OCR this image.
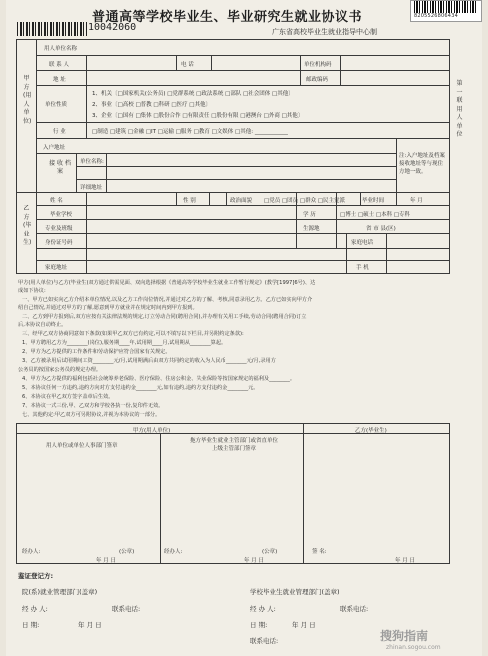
8205526806434
普通高等学校毕业生、毕业研究生就业协议书
10042060	广东省高校毕业生就业指导中心制
甲方(用人单位)
用人单位名称
联 系 人	电 话	单位机构码
地 址	邮政编码
单位性质
1、机关〔□国家机关(公务员) □党群系统 □政法系统 □部队 □社会团体 □其他〕
2、事业〔□高校 □普教 □科研 □医疗 □其他〕
3、企业〔□国有 □集体 □股份合作 □有限责任 □股份有限 □港澳台 □外商 □其他〕
行 业	□制造 □建筑 □金融 □IT □运输 □服务 □教育 □文娱体 □其他: ____________
入户地址
接 收 档 案
单位名称:
详细地址
注:入户地址及档案接收地址等与现住方地一致。
第一联 用人单位
乙方(毕业生)
姓 名	性 别	政治面貌 □党员 □团员 □群众 □民主党派	毕业时间	年 月
毕业学校	学 历	□博士 □硕士 □本科 □专科
专业及班级	生源地	省 市 县(区)
身份证号码	家庭电话
家庭地址	手 机
甲方(用人单位)与乙方(毕业生)双方通过供需见面、双向选择根据《普通高等学校毕业生就业工作暂行规定》(教学[1997]6号)、达
成如下协议:
一、甲方已如实向乙方介绍本单位情况,以及乙方工作岗位情况,并通过对乙方的了解、考核,同意录用乙方。乙方已如实向甲方介
绍自己情况,并通过对甲方的了解,愿意到甲方就业并在规定时间内到甲方报到。
二、乙方到甲方报到后,双方应按有关法律法规的规定,订立劳动合同(聘用合同),并办理有关用工手续,劳动合同(聘用合同)订立
后,本协议自动终止。
三、经甲乙双方协商同意如下条款(如果甲乙双方已有约定,可以不填写以下栏目,并另附约定条款):
1、甲方聘用乙方为________(岗位),服务期____年,试用期____月,试用期从________算起。
2、甲方为乙方提供的工作条件和劳动保护应符合国家有关规定。
3、乙方被录用后试用期间工资________元/月,试用期满后由双方共同约定的收入为人民币________元/月,录用方
公务员的按国家公务员的规定办理。
4、甲方为乙方提供的福利包括社会统筹养老保险、医疗保险、住房公积金、失业保险等按国家规定的福利及________。
5、本协议任何一方违约,违约方向对方支付违约金________元,如有违约,违约方支付违约金________元。
6、本协议在甲乙双方签字盖章后生效。
7、本协议一式三份,甲、乙双方和学校各执一份,复印件无效。
七、其他约定:甲乙双方可另附协议,并视为本协议的一部分。
甲方(用人单位)	乙方(毕业生)
用人单位或单位人事部门签章
拖方毕业生就业主管部门或省直单位上级主管部门签章
经办人:	(公章)
年 月 日
经办人:	(公章)
年 月 日
签 名:
年 月 日
鉴证登记方:
院(系)就业管理部门(盖章)	学校毕业生就业管理部门(盖章)
经 办 人:	联系电话:	经 办 人:	联系电话:
日 期:	年 月 日	日 期:	年 月 日
联系电话:	搜狗指南
zhinan.sogou.com
